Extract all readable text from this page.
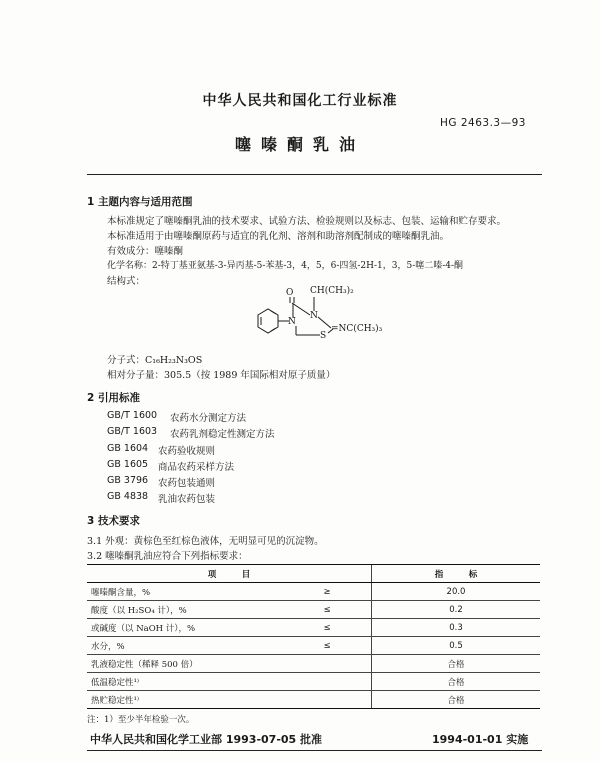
中华人民共和国化工行业标准
HG 2463.3—93
噻嗪酮乳油
1 主题内容与适用范围
本标准规定了噻嗪酮乳油的技术要求、试验方法、检验规则以及标志、包装、运输和贮存要求。
本标准适用于由噻嗪酮原药与适宜的乳化剂、溶剂和助溶剂配制成的噻嗪酮乳油。
有效成分：噻嗪酮
化学名称：2-特丁基亚氨基-3-异丙基-5-苯基-3，4，5，6-四氢-2H-1，3，5-噻二嗪-4-酮
结构式：
O CH(CH₃)₂
N
N
S
=NC(CH₃)₃
分子式：C₁₆H₂₃N₃OS
相对分子量：305.5（按 1989 年国际相对原子质量）
2 引用标准
GB/T 1600 农药水分测定方法
GB/T 1603 农药乳剂稳定性测定方法
GB 1604 农药验收规则
GB 1605 商品农药采样方法
GB 3796 农药包装通则
GB 4838 乳油农药包装
3 技术要求
3.1 外观：黄棕色至红棕色液体，无明显可见的沉淀物。
3.2 噻嗪酮乳油应符合下列指标要求：
项　　　目		指　　　标
噻嗪酮含量，%	≥	20.0
酸度（以 H₂SO₄ 计），%	≤	0.2
或碱度（以 NaOH 计），%	≤	0.3
水分，%	≤	0.5
乳液稳定性（稀释 500 倍）		合格
低温稳定性¹⁾		合格
热贮稳定性¹⁾		合格
注：1）至少半年检验一次。
中华人民共和国化学工业部 1993-07-05 批准	1994-01-01 实施
